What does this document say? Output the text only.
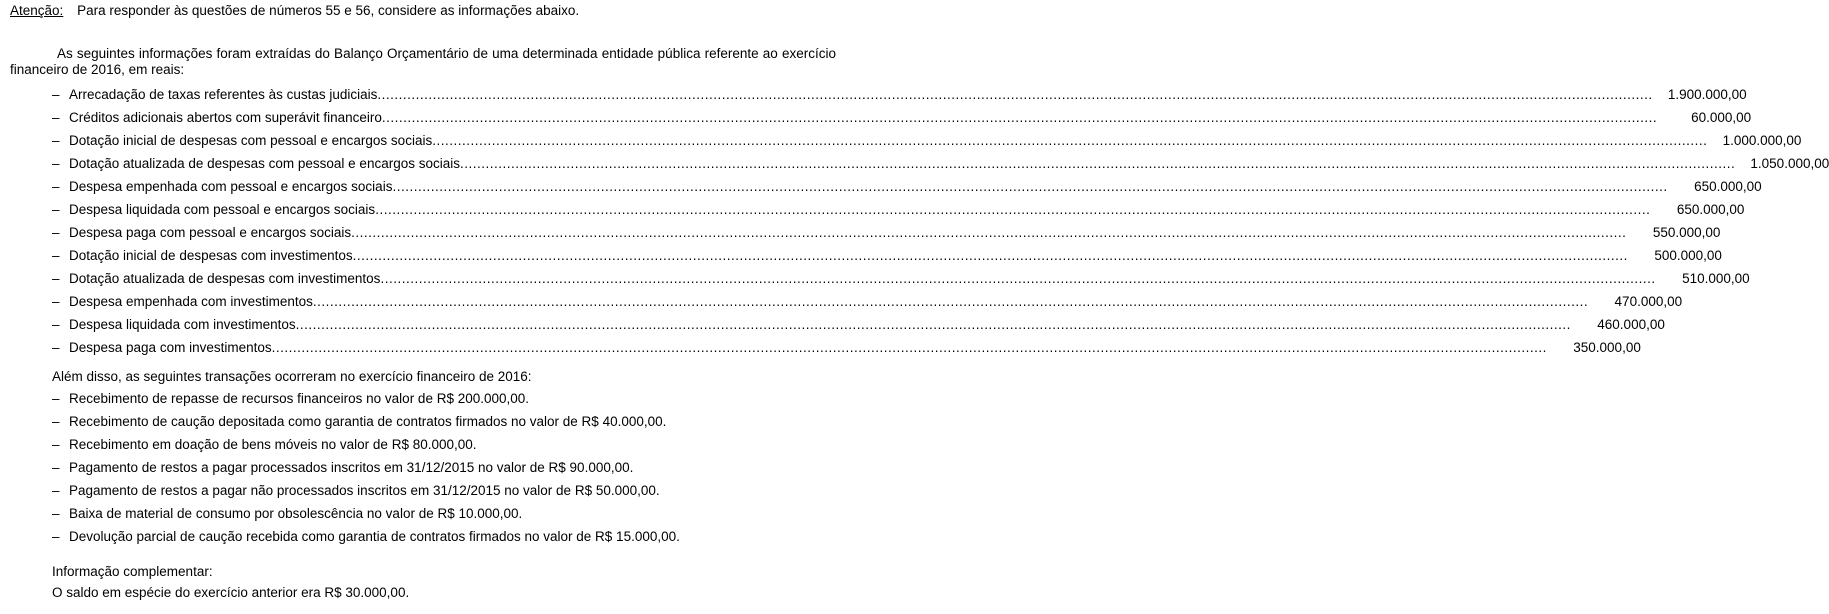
Atenção: Para responder às questões de números 55 e 56, considere as informações abaixo.
As seguintes informações foram extraídas do Balanço Orçamentário de uma determinada entidade pública referente ao exercício financeiro de 2016, em reais:
– Arrecadação de taxas referentes às custas judiciais ............................................................................................................................................................................................................................................................................................................	1.900.000,00
– Créditos adicionais abertos com superávit financeiro ............................................................................................................................................................................................................................................................................................................	60.000,00
– Dotação inicial de despesas com pessoal e encargos sociais ............................................................................................................................................................................................................................................................................................................	1.000.000,00
– Dotação atualizada de despesas com pessoal e encargos sociais ............................................................................................................................................................................................................................................................................................................	1.050.000,00
– Despesa empenhada com pessoal e encargos sociais ............................................................................................................................................................................................................................................................................................................	650.000,00
– Despesa liquidada com pessoal e encargos sociais ............................................................................................................................................................................................................................................................................................................	650.000,00
– Despesa paga com pessoal e encargos sociais ............................................................................................................................................................................................................................................................................................................	550.000,00
– Dotação inicial de despesas com investimentos ............................................................................................................................................................................................................................................................................................................	500.000,00
– Dotação atualizada de despesas com investimentos ............................................................................................................................................................................................................................................................................................................	510.000,00
– Despesa empenhada com investimentos ............................................................................................................................................................................................................................................................................................................	470.000,00
– Despesa liquidada com investimentos ............................................................................................................................................................................................................................................................................................................	460.000,00
– Despesa paga com investimentos ............................................................................................................................................................................................................................................................................................................	350.000,00
Além disso, as seguintes transações ocorreram no exercício financeiro de 2016:
– Recebimento de repasse de recursos financeiros no valor de R$ 200.000,00.
– Recebimento de caução depositada como garantia de contratos firmados no valor de R$ 40.000,00.
– Recebimento em doação de bens móveis no valor de R$ 80.000,00.
– Pagamento de restos a pagar processados inscritos em 31/12/2015 no valor de R$ 90.000,00.
– Pagamento de restos a pagar não processados inscritos em 31/12/2015 no valor de R$ 50.000,00.
– Baixa de material de consumo por obsolescência no valor de R$ 10.000,00.
– Devolução parcial de caução recebida como garantia de contratos firmados no valor de R$ 15.000,00.
Informação complementar:
O saldo em espécie do exercício anterior era R$ 30.000,00.
